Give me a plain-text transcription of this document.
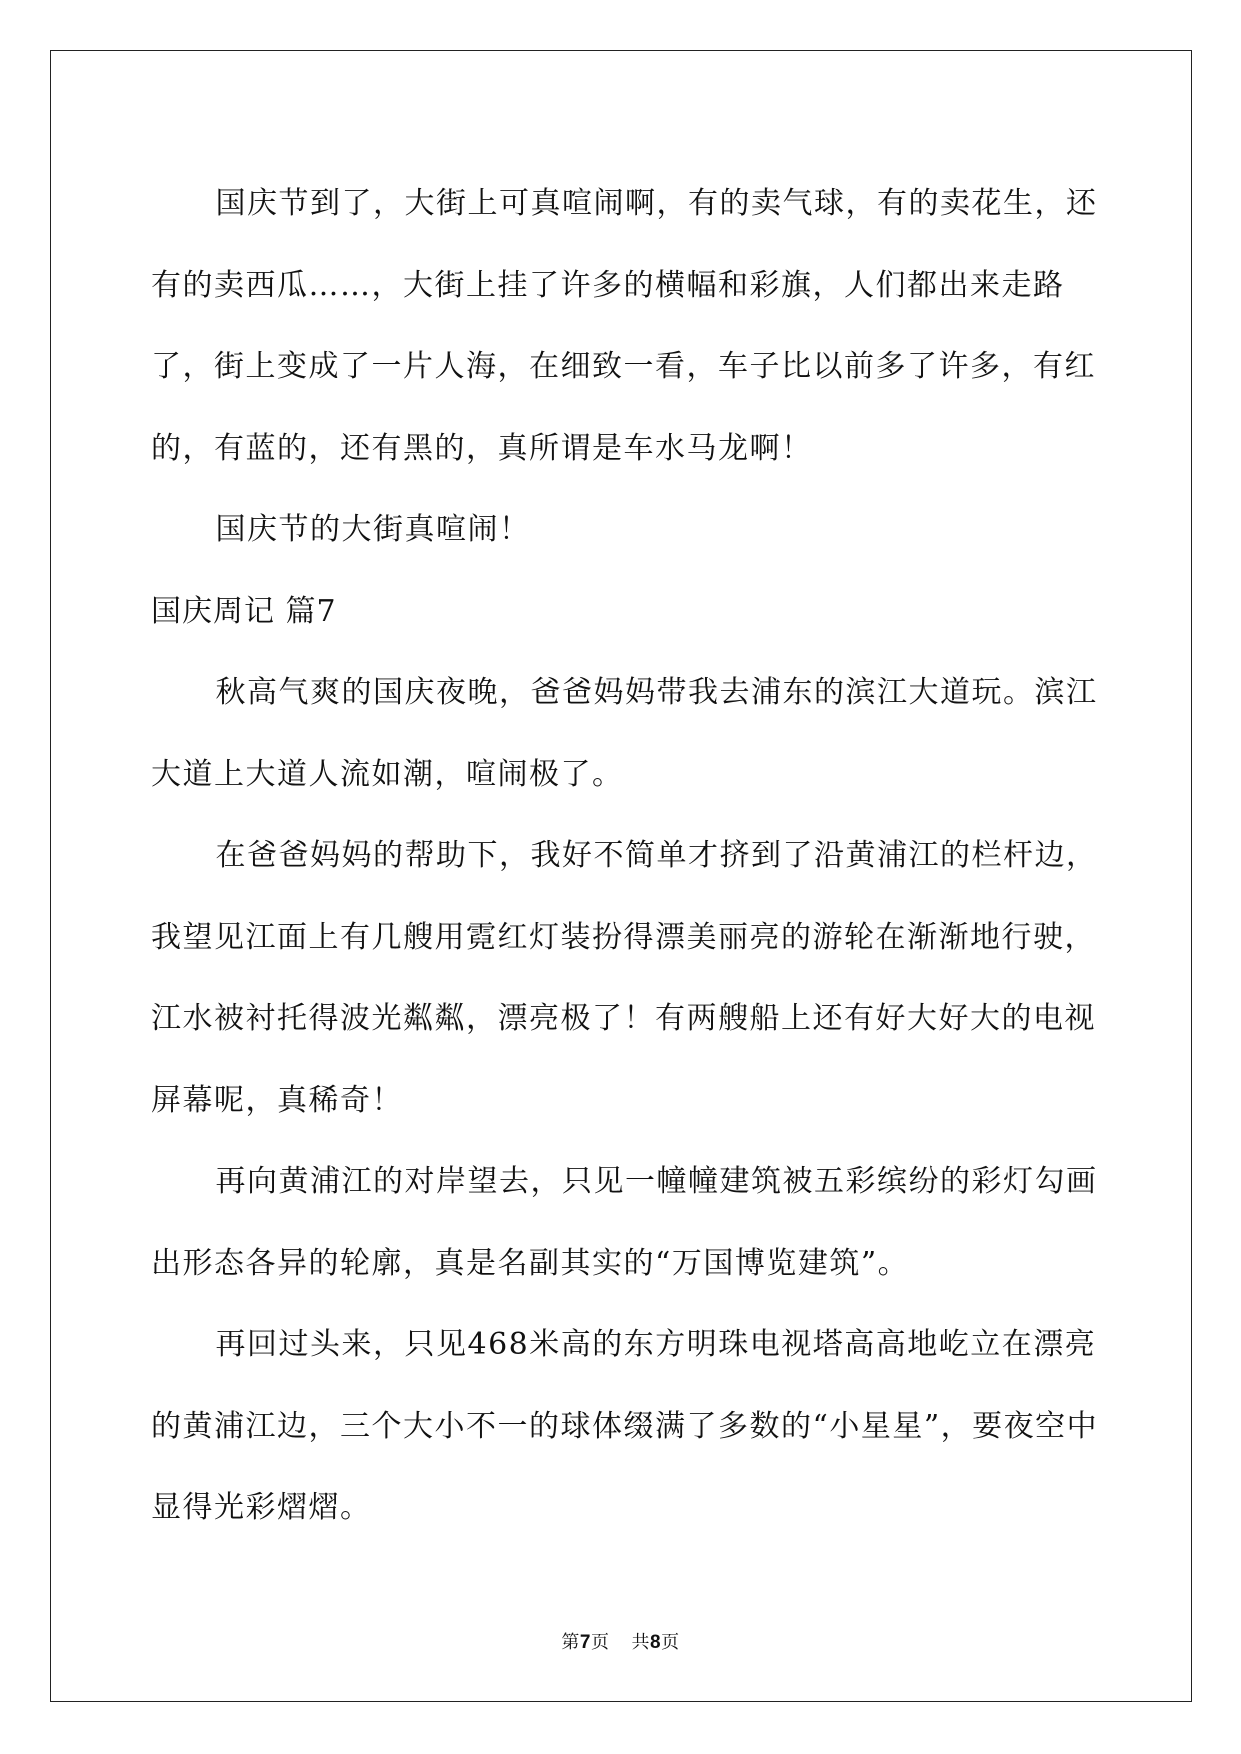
国庆节到了，大街上可真喧闹啊，有的卖气球，有的卖花生，还有的卖西瓜……，大街上挂了许多的横幅和彩旗，人们都出来走路了，街上变成了一片人海，在细致一看，车子比以前多了许多，有红的，有蓝的，还有黑的，真所谓是车水马龙啊！

国庆节的大街真喧闹！

国庆周记 篇7

秋高气爽的国庆夜晚，爸爸妈妈带我去浦东的滨江大道玩。滨江大道上大道人流如潮，喧闹极了。

在爸爸妈妈的帮助下，我好不简单才挤到了沿黄浦江的栏杆边，我望见江面上有几艘用霓红灯装扮得漂美丽亮的游轮在渐渐地行驶，江水被衬托得波光粼粼，漂亮极了！有两艘船上还有好大好大的电视屏幕呢，真稀奇！

再向黄浦江的对岸望去，只见一幢幢建筑被五彩缤纷的彩灯勾画出形态各异的轮廓，真是名副其实的“万国博览建筑”。

再回过头来，只见468米高的东方明珠电视塔高高地屹立在漂亮的黄浦江边，三个大小不一的球体缀满了多数的“小星星”，要夜空中显得光彩熠熠。

第7页 共8页
